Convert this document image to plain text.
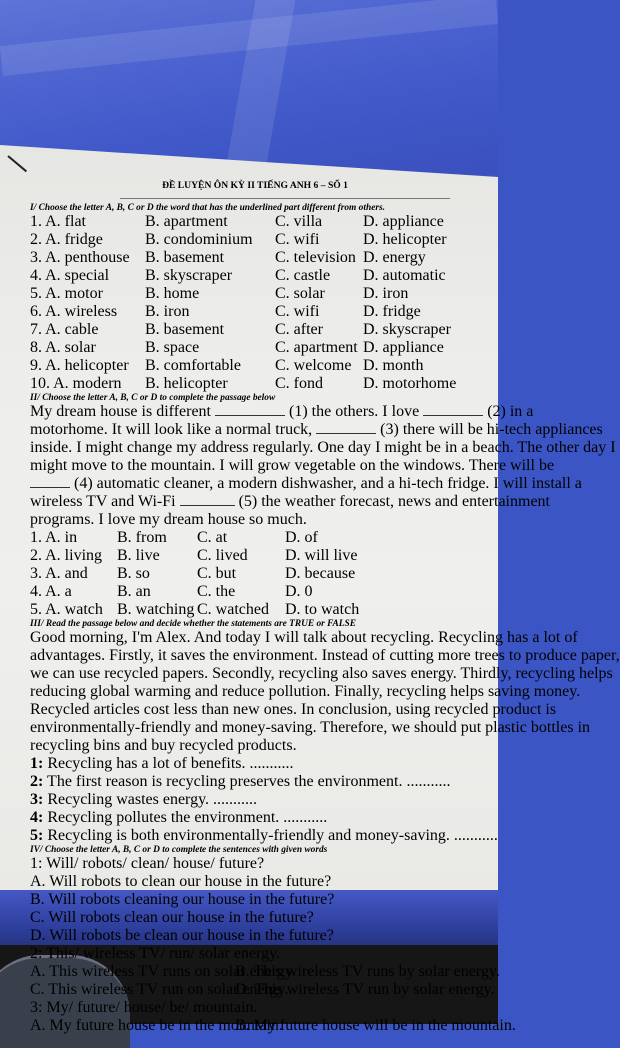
ĐỀ LUYỆN ÔN KỲ II TIẾNG ANH 6 – SỐ 1
I/ Choose the letter A, B, C or D the word that has the underlined part different from others.
1. A. flat	B. apartment	C. villa	D. appliance
2. A. fridge	B. condominium	C. wifi	D. helicopter
3. A. penthouse B. basement	C. television D. energy
4. A. special	B. skyscraper	C. castle	D. automatic
5. A. motor	B. home	C. solar	D. iron
6. A. wireless	B. iron	C. wifi	D. fridge
7. A. cable	B. basement	C. after	D. skyscraper
8. A. solar	B. space	C. apartment D. appliance
9. A. helicopter	B. comfortable	C. welcome D. month
10. A. modern	B. helicopter	C. fond	D. motorhome
II/ Choose the letter A, B, C or D to complete the passage below
My dream house is different	(1) the others. I love	(2) in a
motorhome. It will look like a normal truck,	(3) there will be hi-tech appliances
inside. I might change my address regularly. One day I might be in a beach. The other day I
might move to the mountain. I will grow vegetable on the windows. There will be
(4) automatic cleaner, a modern dishwasher, and a hi-tech fridge. I will install a
wireless TV and Wi-Fi	(5) the weather forecast, news and entertainment
programs. I love my dream house so much.
1. A. in	B. from	C. at	D. of
2. A. living B. live	C. lived	D. will live
3. A. and	B. so	C. but	D. because
4. A. a	B. an	C. the	D. 0
5. A. watch B. watching C. watched	D. to watch
III/ Read the passage below and decide whether the statements are TRUE or FALSE
Good morning, I'm Alex. And today I will talk about recycling. Recycling has a lot of
advantages. Firstly, it saves the environment. Instead of cutting more trees to produce paper,
we can use recycled papers. Secondly, recycling also saves energy. Thirdly, recycling helps
reducing global warming and reduce pollution. Finally, recycling helps saving money.
Recycled articles cost less than new ones. In conclusion, using recycled product is
environmentally-friendly and money-saving. Therefore, we should put plastic bottles in
recycling bins and buy recycled products.
1: Recycling has a lot of benefits. ...........
2: The first reason is recycling preserves the environment. ...........
3: Recycling wastes energy. ...........
4: Recycling pollutes the environment. ...........
5: Recycling is both environmentally-friendly and money-saving. ...........
IV/ Choose the letter A, B, C or D to complete the sentences with given words
1: Will/ robots/ clean/ house/ future?
A. Will robots to clean our house in the future?
B. Will robots cleaning our house in the future?
C. Will robots clean our house in the future?
D. Will robots be clean our house in the future?
2: This/ wireless TV/ run/ solar energy.
A. This wireless TV runs on solar energy.
B. This wireless TV runs by solar energy.
C. This wireless TV run on solar energy.
D. This wireless TV run by solar energy.
3: My/ future/ house/ be/ mountain.
A. My future house be in the mountain.
B. My future house will be in the mountain.
